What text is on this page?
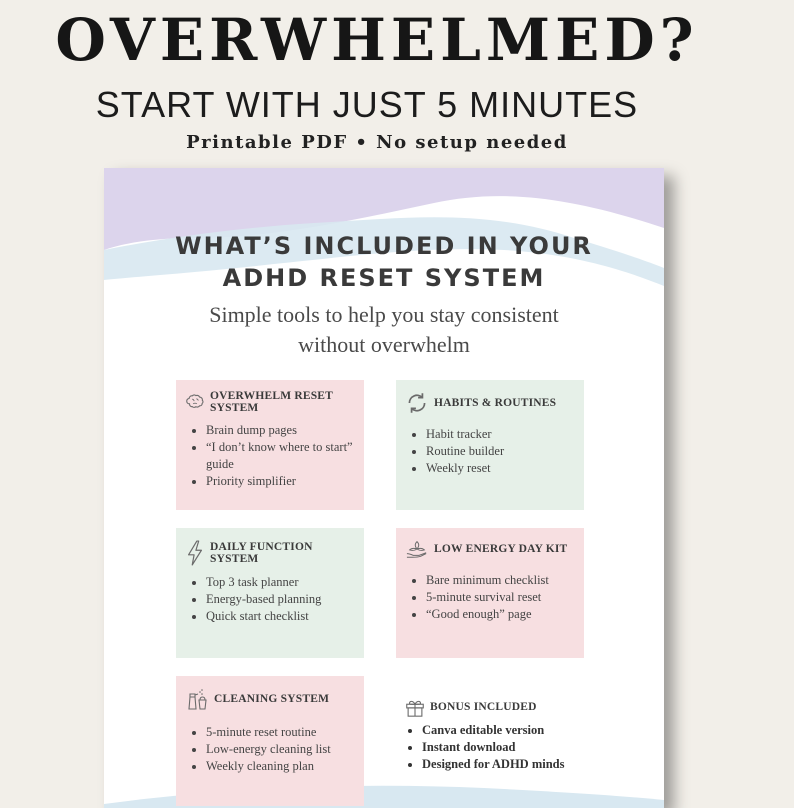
OVERWHELMED?
START WITH JUST 5 MINUTES
Printable PDF • No setup needed
WHAT’S INCLUDED IN YOUR
ADHD RESET SYSTEM
Simple tools to help you stay consistent
without overwhelm
OVERWHELM RESET SYSTEM
• Brain dump pages
• “I don’t know where to start” guide
• Priority simplifier
HABITS & ROUTINES
• Habit tracker
• Routine builder
• Weekly reset
DAILY FUNCTION SYSTEM
• Top 3 task planner
• Energy-based planning
• Quick start checklist
LOW ENERGY DAY KIT
• Bare minimum checklist
• 5-minute survival reset
• “Good enough” page
CLEANING SYSTEM
• 5-minute reset routine
• Low-energy cleaning list
• Weekly cleaning plan
BONUS INCLUDED
• Canva editable version
• Instant download
• Designed for ADHD minds
